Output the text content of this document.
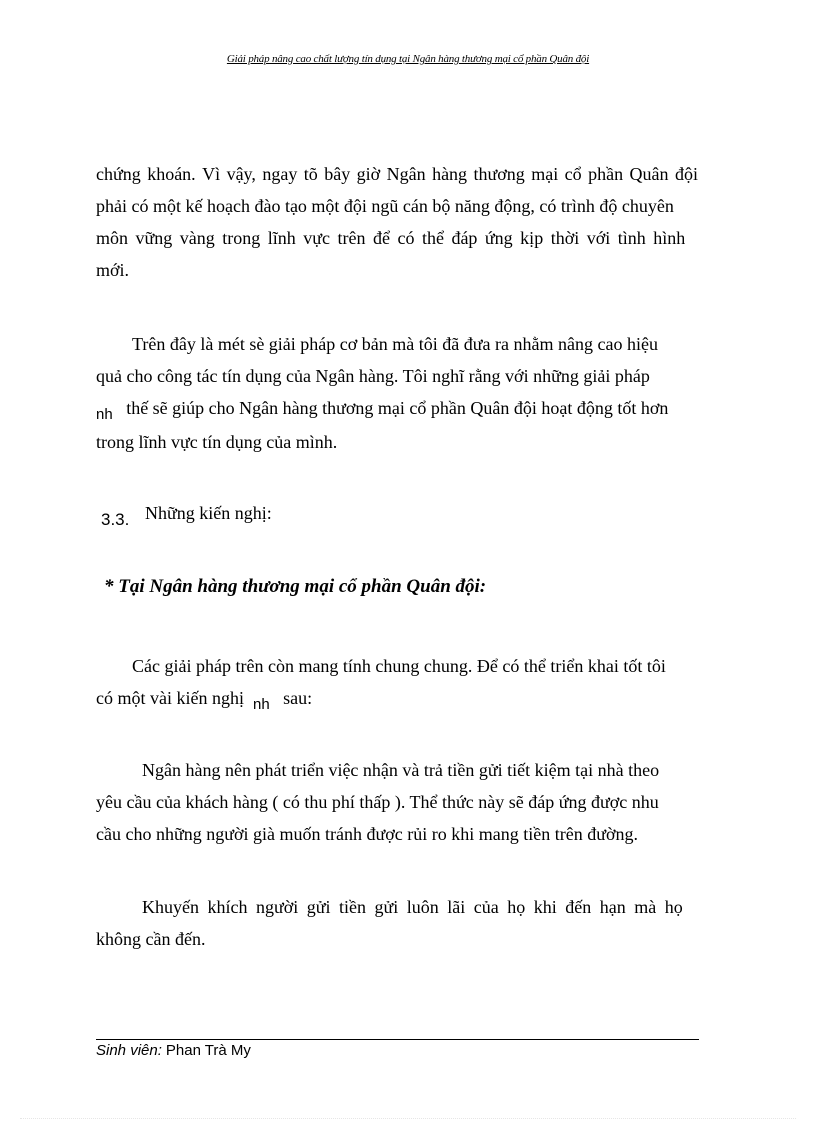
Giải pháp nâng cao chất lượng tín dụng tại Ngân hàng thương mại cổ phần Quân đội
chứng khoán. Vì vậy, ngay tõ bây giờ Ngân hàng thương mại cổ phần Quân đội
phải có một kế hoạch đào tạo một đội ngũ cán bộ năng động, có trình độ chuyên
môn vững vàng trong lĩnh vực trên để có thể đáp ứng kịp thời với tình hình
mới.
Trên đây là mét sè giải pháp cơ bản mà tôi đã đưa ra nhằm nâng cao hiệu
quả cho công tác tín dụng của Ngân hàng. Tôi nghĩ rằng với những giải pháp
$_{nh}$ thế sẽ giúp cho Ngân hàng thương mại cổ phần Quân đội hoạt động tốt hơn
trong lĩnh vực tín dụng của mình.
3.3. Những kiến nghị:
* Tại Ngân hàng thương mại cổ phần Quân đội:
Các giải pháp trên còn mang tính chung chung. Để có thể triển khai tốt tôi
có một vài kiến nghị $_{nh}$ sau:
Ngân hàng nên phát triển việc nhận và trả tiền gửi tiết kiệm tại nhà theo
yêu cầu của khách hàng ( có thu phí thấp ). Thể thức này sẽ đáp ứng được nhu
cầu cho những người già muốn tránh được rủi ro khi mang tiền trên đường.
Khuyến khích người gửi tiền gửi luôn lãi của họ khi đến hạn mà họ
không cần đến.
Sinh viên: Phan Trà My
